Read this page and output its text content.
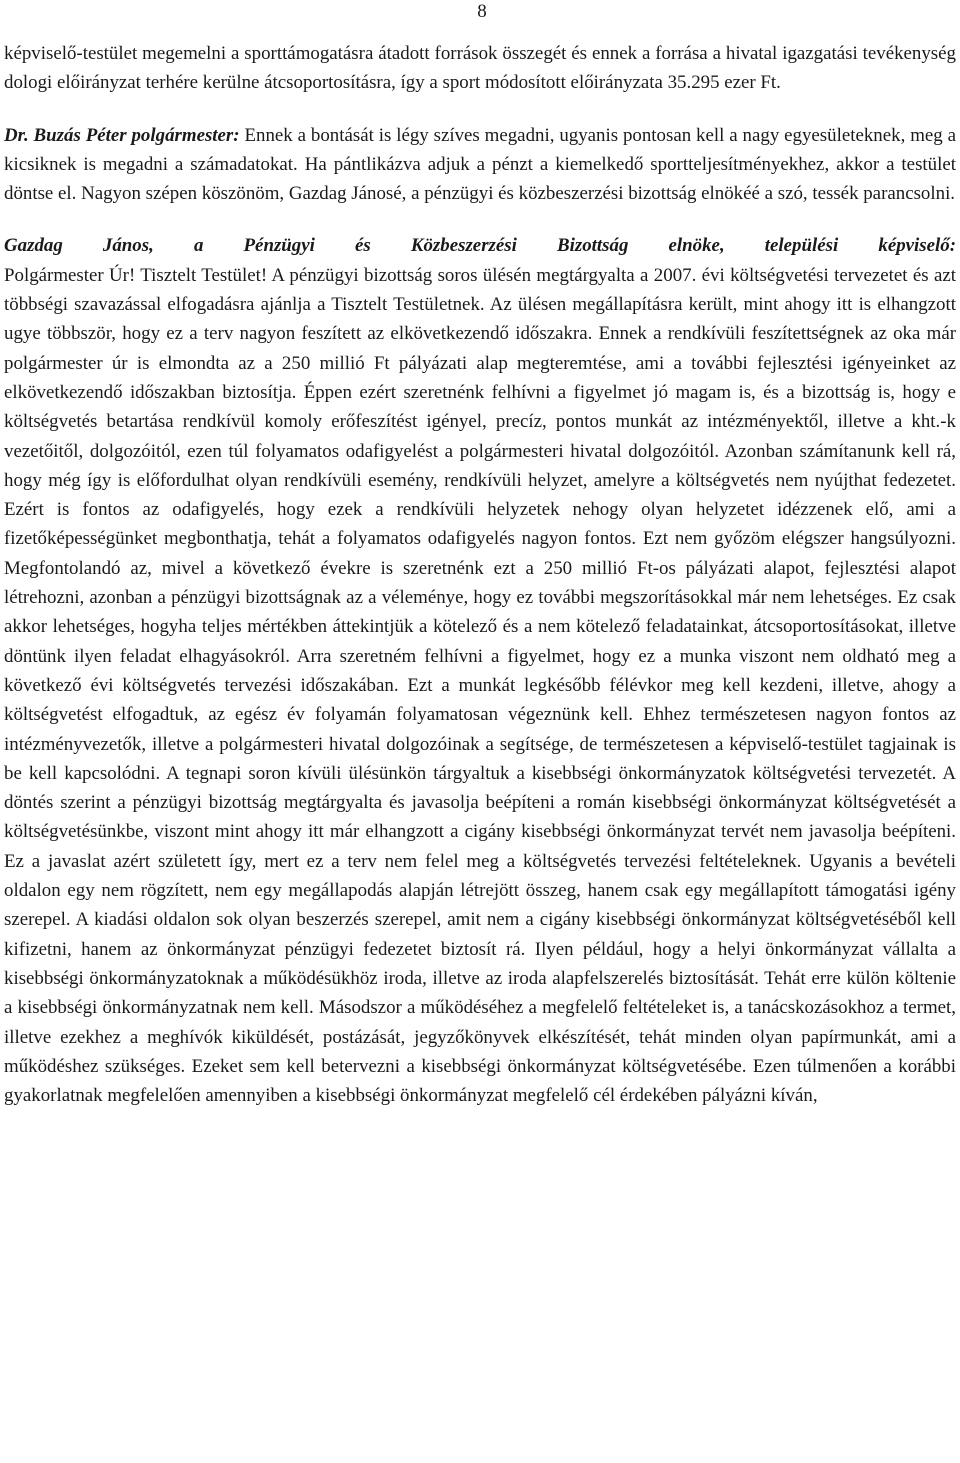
8

képviselő-testület megemelni a sporttámogatásra átadott források összegét és ennek a forrása a hivatal igazgatási tevékenység dologi előirányzat terhére kerülne átcsoportosításra, így a sport módosított előirányzata 35.295 ezer Ft.

Dr. Buzás Péter polgármester: Ennek a bontását is légy szíves megadni, ugyanis pontosan kell a nagy egyesületeknek, meg a kicsiknek is megadni a számadatokat. Ha pántlikázva adjuk a pénzt a kiemelkedő sportteljesítményekhez, akkor a testület döntse el. Nagyon szépen köszönöm, Gazdag Jánosé, a pénzügyi és közbeszerzési bizottság elnökéé a szó, tessék parancsolni.

Gazdag János, a Pénzügyi és Közbeszerzési Bizottság elnöke, települési képviselő:
Polgármester Úr! Tisztelt Testület! A pénzügyi bizottság soros ülésén megtárgyalta a 2007. évi költségvetési tervezetet és azt többségi szavazással elfogadásra ajánlja a Tisztelt Testületnek. Az ülésen megállapításra került, mint ahogy itt is elhangzott ugye többször, hogy ez a terv nagyon feszített az elkövetkezendő időszakra. Ennek a rendkívüli feszítettségnek az oka már polgármester úr is elmondta az a 250 millió Ft pályázati alap megteremtése, ami a további fejlesztési igényeinket az elkövetkezendő időszakban biztosítja. Éppen ezért szeretnénk felhívni a figyelmet jó magam is, és a bizottság is, hogy e költségvetés betartása rendkívül komoly erőfeszítést igényel, precíz, pontos munkát az intézményektől, illetve a kht.-k vezetőitől, dolgozóitól, ezen túl folyamatos odafigyelést a polgármesteri hivatal dolgozóitól. Azonban számítanunk kell rá, hogy még így is előfordulhat olyan rendkívüli esemény, rendkívüli helyzet, amelyre a költségvetés nem nyújthat fedezetet. Ezért is fontos az odafigyelés, hogy ezek a rendkívüli helyzetek nehogy olyan helyzetet idézzenek elő, ami a fizetőképességünket megbonthatja, tehát a folyamatos odafigyelés nagyon fontos. Ezt nem győzöm elégszer hangsúlyozni. Megfontolandó az, mivel a következő évekre is szeretnénk ezt a 250 millió Ft-os pályázati alapot, fejlesztési alapot létrehozni, azonban a pénzügyi bizottságnak az a véleménye, hogy ez további megszorításokkal már nem lehetséges. Ez csak akkor lehetséges, hogyha teljes mértékben áttekintjük a kötelező és a nem kötelező feladatainkat, átcsoportosításokat, illetve döntünk ilyen feladat elhagyásokról. Arra szeretném felhívni a figyelmet, hogy ez a munka viszont nem oldható meg a következő évi költségvetés tervezési időszakában. Ezt a munkát legkésőbb félévkor meg kell kezdeni, illetve, ahogy a költségvetést elfogadtuk, az egész év folyamán folyamatosan végeznünk kell. Ehhez természetesen nagyon fontos az intézményvezetők, illetve a polgármesteri hivatal dolgozóinak a segítsége, de természetesen a képviselő-testület tagjainak is be kell kapcsolódni. A tegnapi soron kívüli ülésünkön tárgyaltuk a kisebbségi önkormányzatok költségvetési tervezetét. A döntés szerint a pénzügyi bizottság megtárgyalta és javasolja beépíteni a román kisebbségi önkormányzat költségvetését a költségvetésünkbe, viszont mint ahogy itt már elhangzott a cigány kisebbségi önkormányzat tervét nem javasolja beépíteni. Ez a javaslat azért született így, mert ez a terv nem felel meg a költségvetés tervezési feltételeknek. Ugyanis a bevételi oldalon egy nem rögzített, nem egy megállapodás alapján létrejött összeg, hanem csak egy megállapított támogatási igény szerepel. A kiadási oldalon sok olyan beszerzés szerepel, amit nem a cigány kisebbségi önkormányzat költségvetéséből kell kifizetni, hanem az önkormányzat pénzügyi fedezetet biztosít rá. Ilyen például, hogy a helyi önkormányzat vállalta a kisebbségi önkormányzatoknak a működésükhöz iroda, illetve az iroda alapfelszerelés biztosítását. Tehát erre külön költenie a kisebbségi önkormányzatnak nem kell. Másodszor a működéséhez a megfelelő feltételeket is, a tanácskozásokhoz a termet, illetve ezekhez a meghívók kiküldését, postázását, jegyzőkönyvek elkészítését, tehát minden olyan papírmunkát, ami a működéshez szükséges. Ezeket sem kell betervezni a kisebbségi önkormányzat költségvetésébe. Ezen túlmenően a korábbi gyakorlatnak megfelelően amennyiben a kisebbségi önkormányzat megfelelő cél érdekében pályázni kíván,
